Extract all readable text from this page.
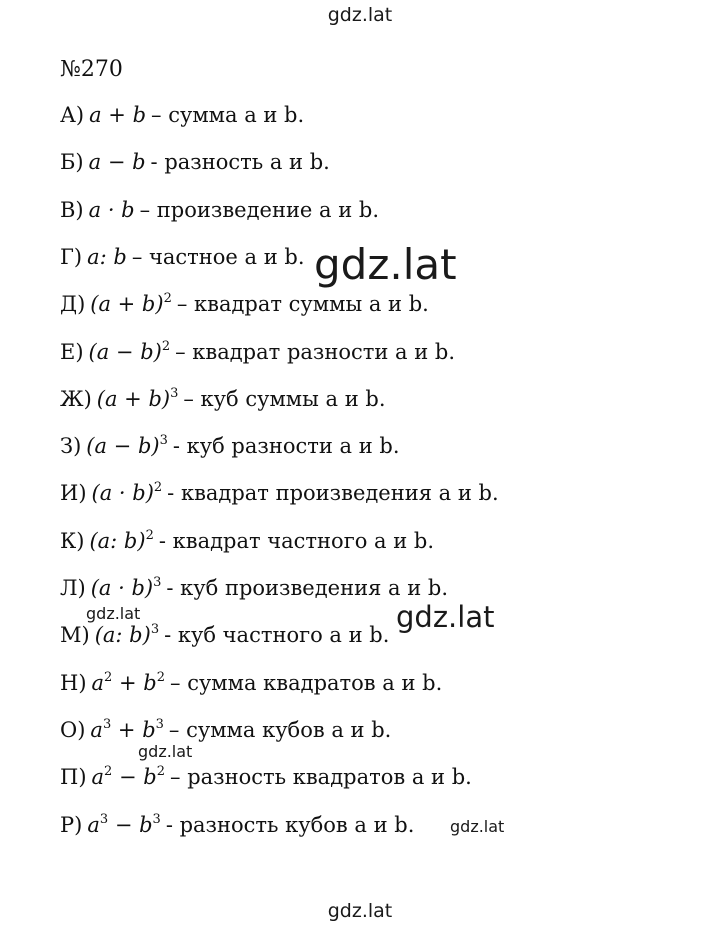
gdz.lat
№270
А) a + b – сумма a и b.
Б) a − b - разность a и b.
В) a · b – произведение a и b.
Г) a: b – частное a и b.
Д) $(a + b)^2$ – квадрат суммы a и b.
Е) $(a - b)^2$ – квадрат разности a и b.
Ж) $(a + b)^3$ – куб суммы a и b.
З) $(a - b)^3$ - куб разности a и b.
И) $(a \cdot b)^2$ - квадрат произведения a и b.
К) (a: b)$^2$ - квадрат частного a и b.
Л) $(a \cdot b)^3$ - куб произведения a и b.
М) (a: b)$^3$ - куб частного a и b.
Н) $a^2 + b^2$ – сумма квадратов a и b.
О) $a^3 + b^3$ – сумма кубов a и b.
П) $a^2 - b^2$ – разность квадратов a и b.
Р) $a^3 - b^3$ - разность кубов a и b.
gdz.lat
gdz.lat
gdz.lat
gdz.lat
gdz.lat
gdz.lat
